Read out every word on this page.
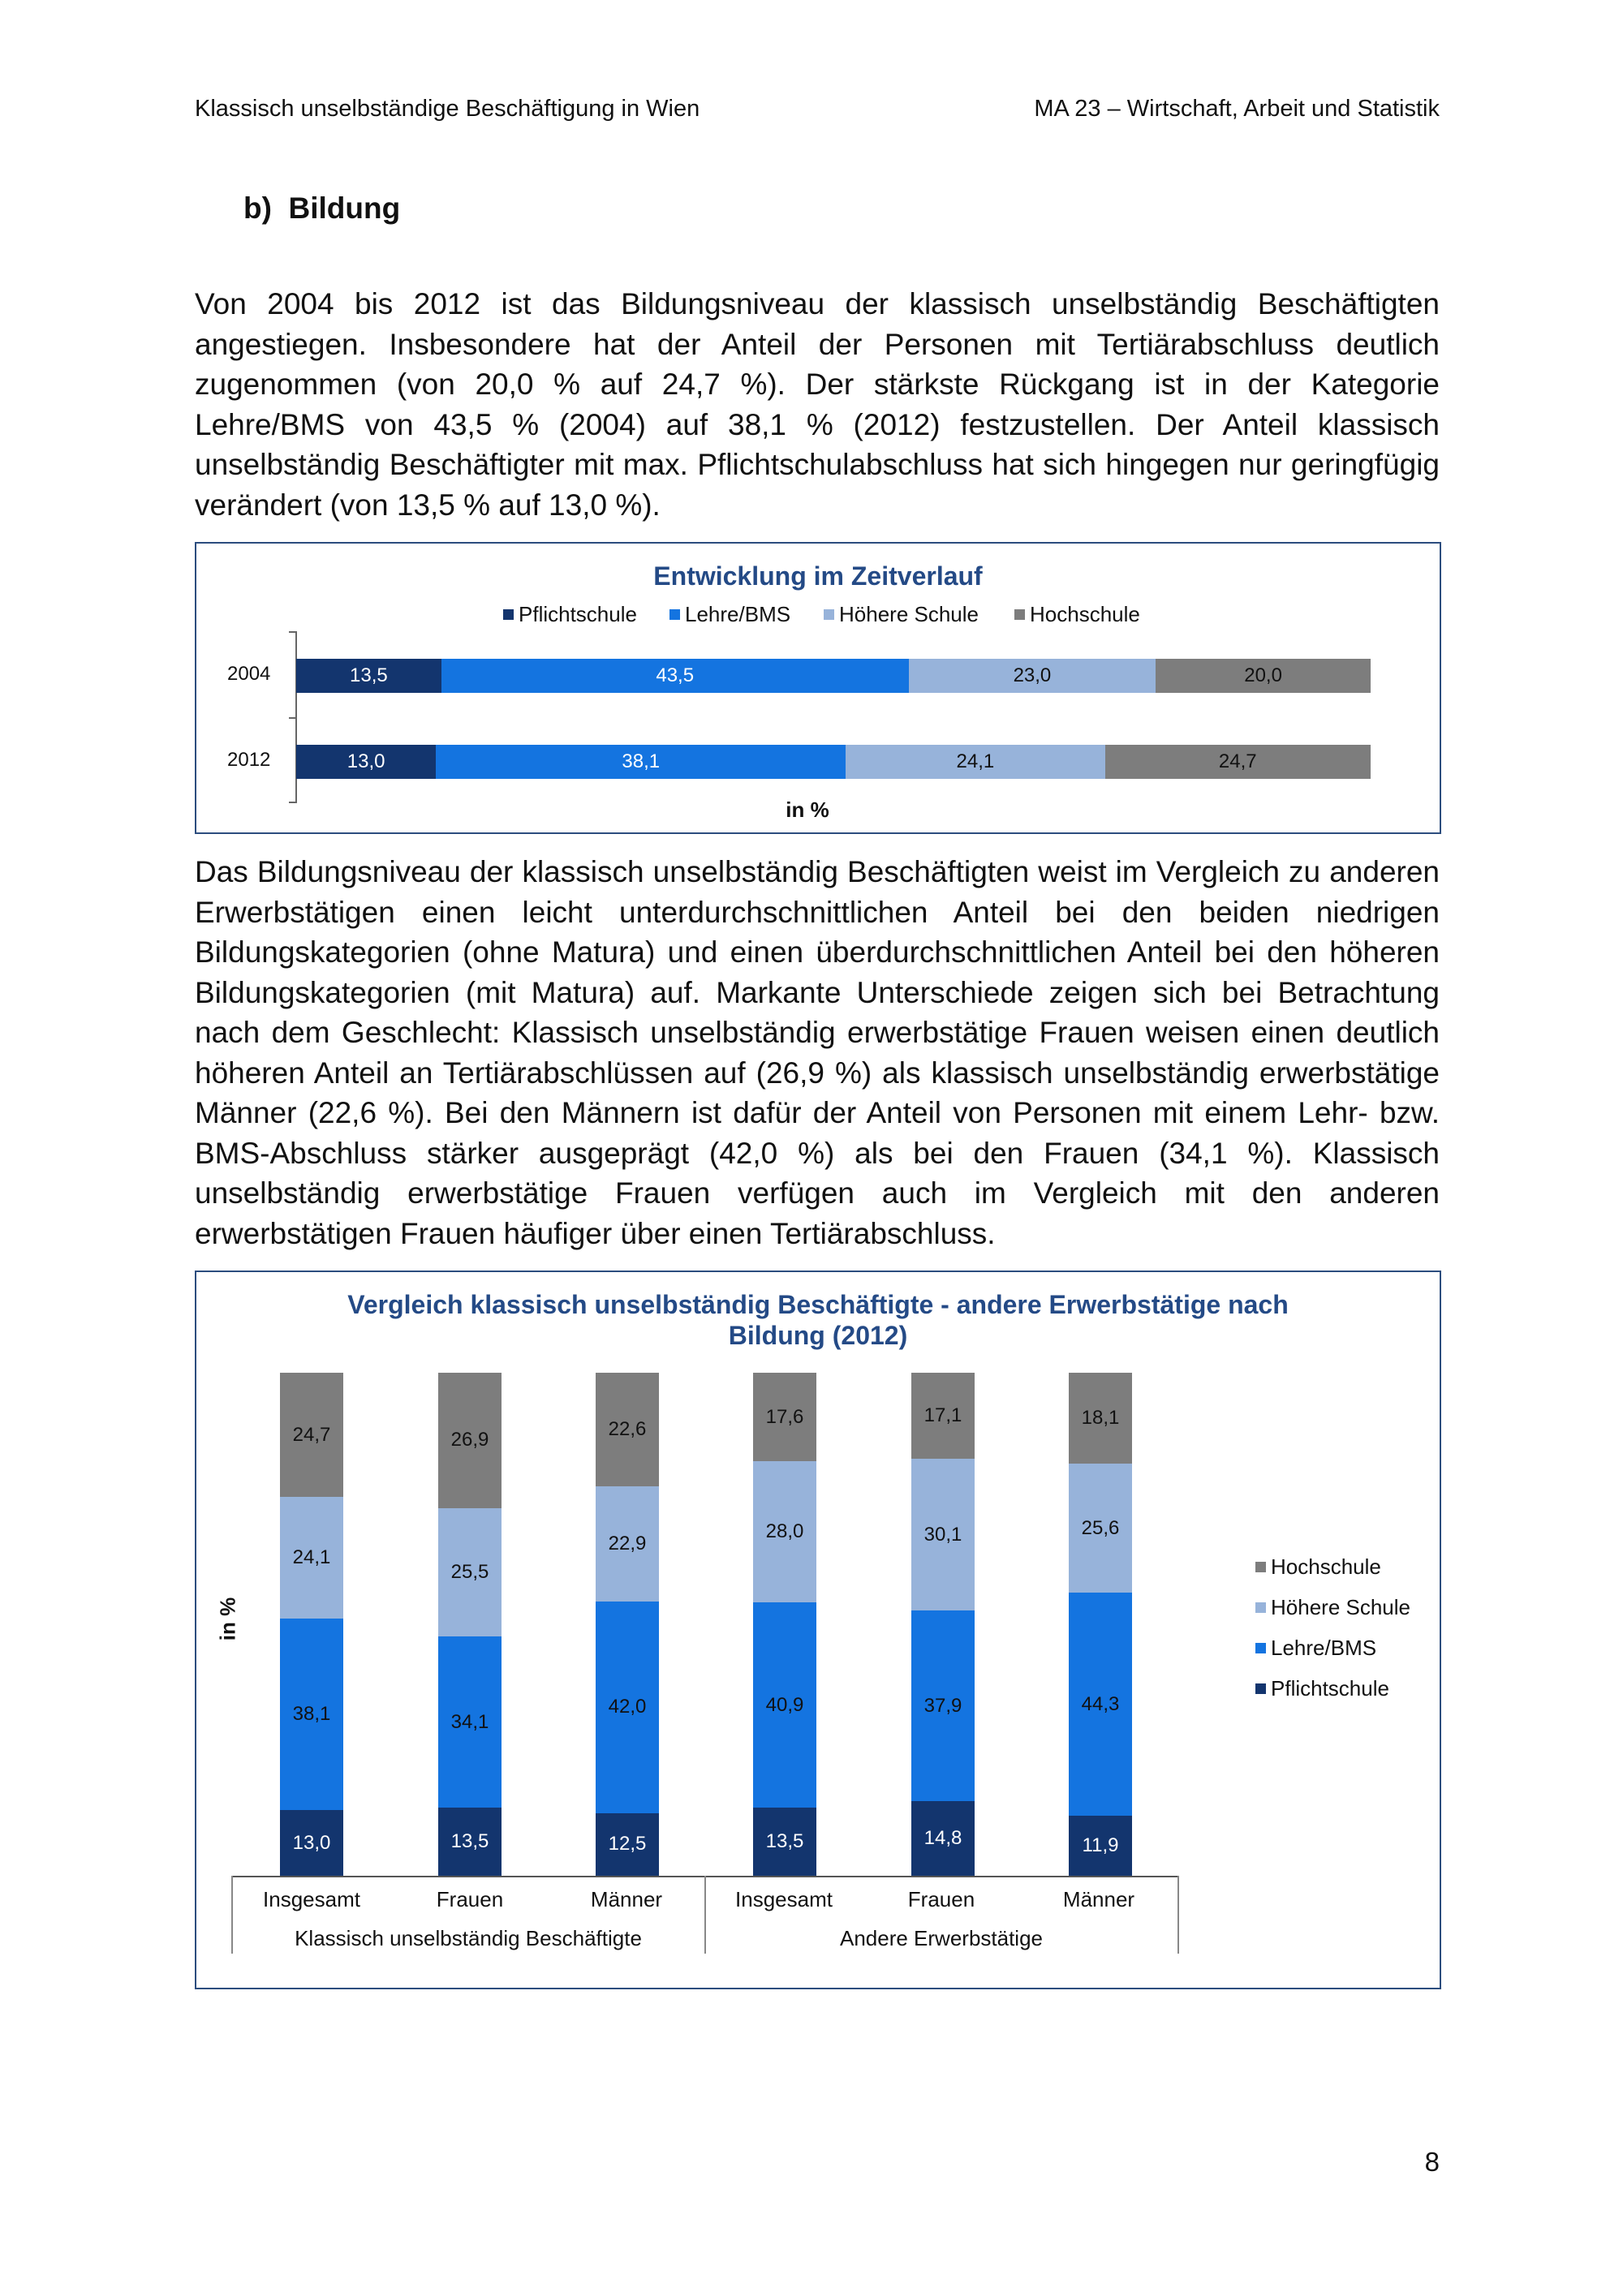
Klassisch unselbständige Beschäftigung in Wien	MA 23 – Wirtschaft, Arbeit und Statistik
b)  Bildung

Von 2004 bis 2012 ist das Bildungsniveau der klassisch unselbständig Beschäftigten angestiegen. Insbesondere hat der Anteil der Personen mit Tertiärabschluss deutlich zugenommen (von 20,0 % auf 24,7 %). Der stärkste Rückgang ist in der Kategorie Lehre/BMS von 43,5 % (2004) auf 38,1 % (2012) festzustellen. Der Anteil klassisch unselbständig Beschäftigter mit max. Pflichtschulabschluss hat sich hingegen nur geringfügig verändert (von 13,5 % auf 13,0 %).

Entwicklung im Zeitverlauf
Pflichtschule Lehre/BMS Höhere Schule Hochschule
2004
2012
13,5	43,5	23,0	20,0
13,0	38,1	24,1	24,7
in %

Das Bildungsniveau der klassisch unselbständig Beschäftigten weist im Vergleich zu anderen Erwerbstätigen einen leicht unterdurchschnittlichen Anteil bei den beiden niedrigen Bildungskategorien (ohne Matura) und einen überdurchschnittlichen Anteil bei den höheren Bildungskategorien (mit Matura) auf. Markante Unterschiede zeigen sich bei Betrachtung nach dem Geschlecht: Klassisch unselbständig erwerbstätige Frauen weisen einen deutlich höheren Anteil an Tertiärabschlüssen auf (26,9 %) als klassisch unselbständig erwerbstätige Männer (22,6 %). Bei den Männern ist dafür der Anteil von Personen mit einem Lehr- bzw. BMS-Abschluss stärker ausgeprägt (42,0 %) als bei den Frauen (34,1 %). Klassisch unselbständig erwerbstätige Frauen verfügen auch im Vergleich mit den anderen erwerbstätigen Frauen häufiger über einen Tertiärabschluss.

Vergleich klassisch unselbständig Beschäftigte - andere Erwerbstätige nach
Bildung (2012)
in %
13,0
38,1
24,1
24,7
13,5
34,1
25,5
26,9
12,5
42,0
22,9
22,6
13,5
40,9
28,0
17,6
14,8
37,9
30,1
17,1
11,9
44,3
25,6
18,1
Hochschule
Höhere Schule
Lehre/BMS
Pflichtschule
Insgesamt	Frauen	Männer	Insgesamt	Frauen	Männer
Klassisch unselbständig Beschäftigte	Andere Erwerbstätige
8
